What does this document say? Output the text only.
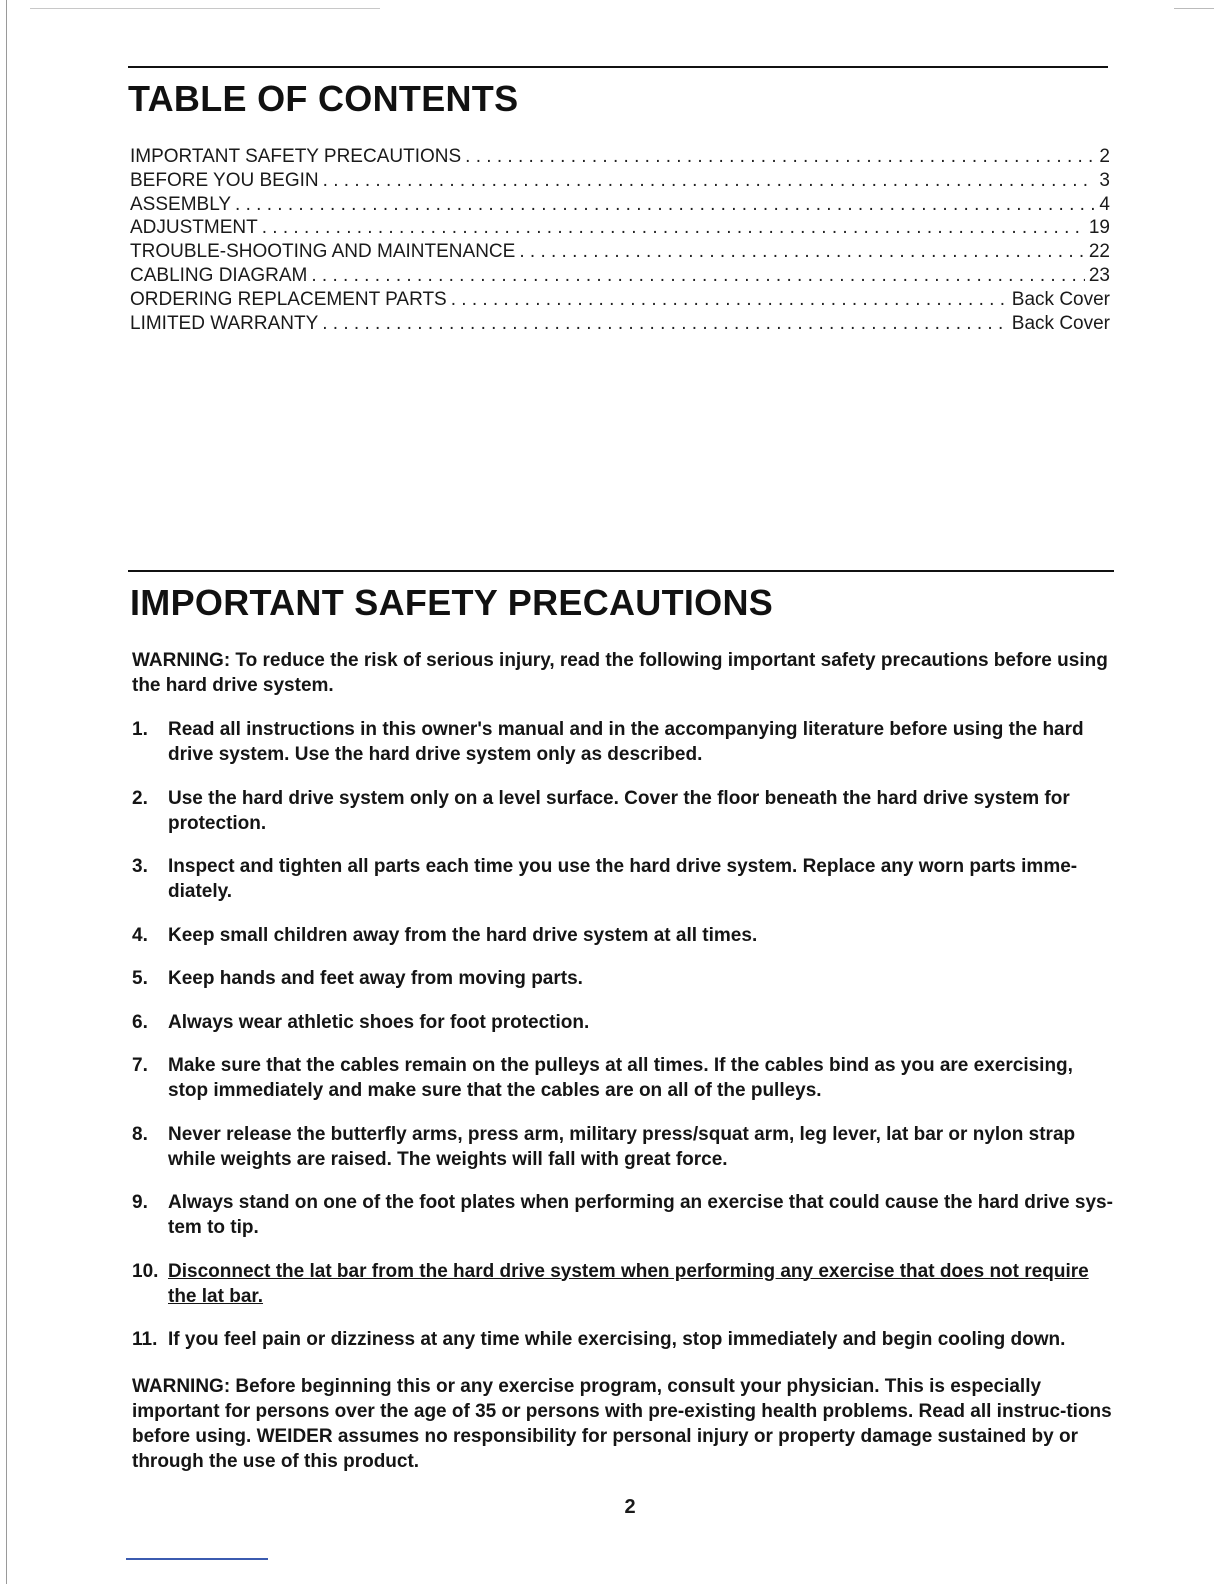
TABLE OF CONTENTS
IMPORTANT SAFETY PRECAUTIONS . . .	2
BEFORE YOU BEGIN . . .	3
ASSEMBLY . . .	4
ADJUSTMENT . . .	19
TROUBLE-SHOOTING AND MAINTENANCE . . .	22
CABLING DIAGRAM . . .	23
ORDERING REPLACEMENT PARTS . . .	Back Cover
LIMITED WARRANTY . . .	Back Cover
IMPORTANT SAFETY PRECAUTIONS

WARNING: To reduce the risk of serious injury, read the following important safety precautions before using the hard drive system.

1.	Read all instructions in this owner's manual and in the accompanying literature before using the hard drive system. Use the hard drive system only as described.
2.	Use the hard drive system only on a level surface. Cover the floor beneath the hard drive system for protection.
3.	Inspect and tighten all parts each time you use the hard drive system. Replace any worn parts imme-diately.
4.	Keep small children away from the hard drive system at all times.
5.	Keep hands and feet away from moving parts.
6.	Always wear athletic shoes for foot protection.
7.	Make sure that the cables remain on the pulleys at all times. If the cables bind as you are exercising, stop immediately and make sure that the cables are on all of the pulleys.
8.	Never release the butterfly arms, press arm, military press/squat arm, leg lever, lat bar or nylon strap while weights are raised. The weights will fall with great force.
9.	Always stand on one of the foot plates when performing an exercise that could cause the hard drive sys-tem to tip.
10. Disconnect the lat bar from the hard drive system when performing any exercise that does not require the lat bar.
11. If you feel pain or dizziness at any time while exercising, stop immediately and begin cooling down.

WARNING: Before beginning this or any exercise program, consult your physician. This is especially important for persons over the age of 35 or persons with pre-existing health problems. Read all instruc-tions before using. WEIDER assumes no responsibility for personal injury or property damage sustained by or through the use of this product.

2
